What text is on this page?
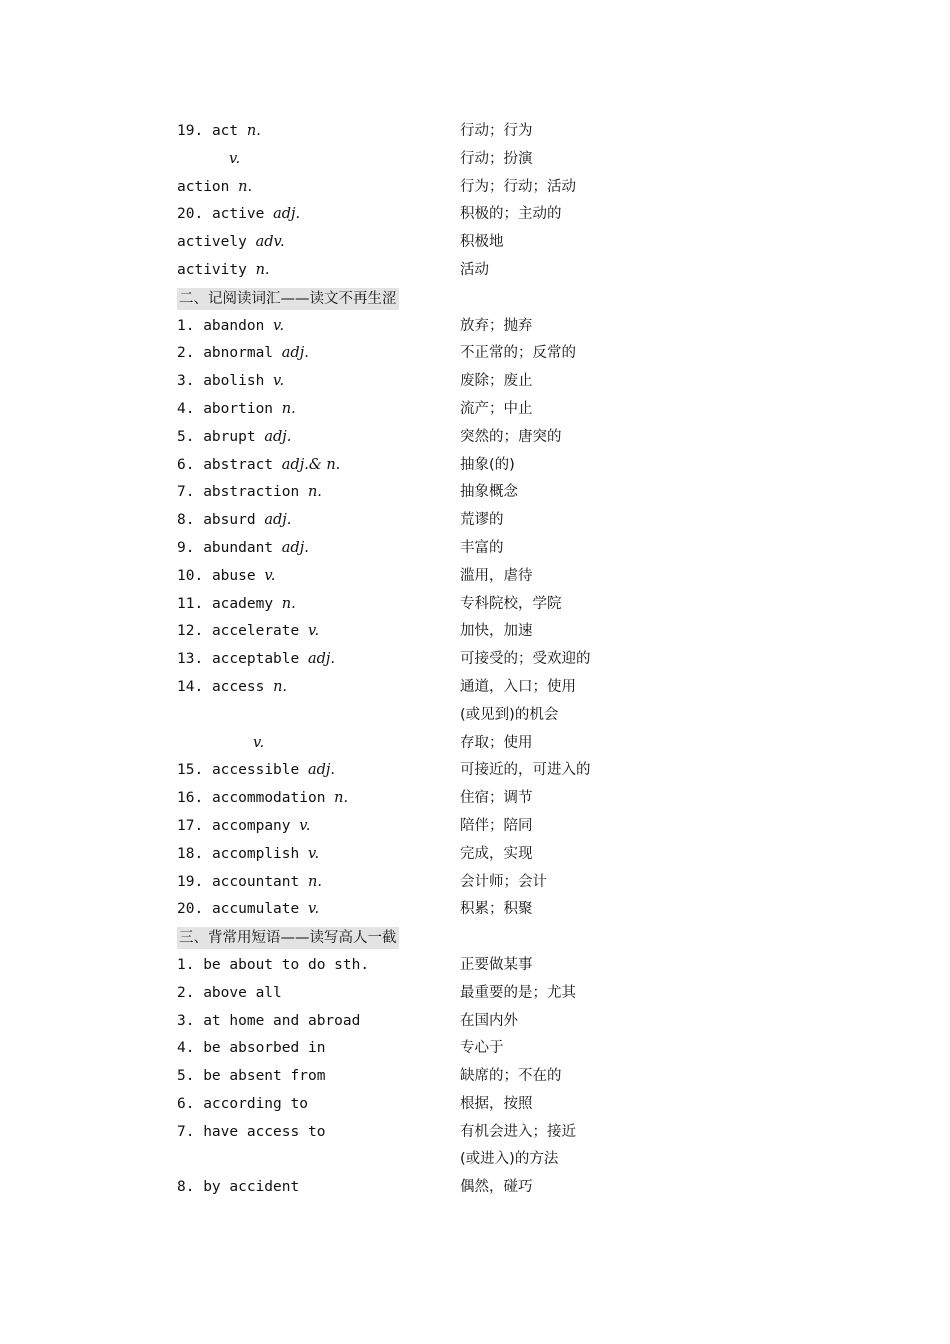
19. act n.	行动；行为
v.	行动；扮演
action n.	行为；行动；活动
20. active adj.	积极的；主动的
actively adv.	积极地
activity n.	活动
二、记阅读词汇——读文不再生涩
1. abandon v.	放弃；抛弃
2. abnormal adj.	不正常的；反常的
3. abolish v.	废除；废止
4. abortion n.	流产；中止
5. abrupt adj.	突然的；唐突的
6. abstract adj.& n.	抽象(的)
7. abstraction n.	抽象概念
8. absurd adj.	荒谬的
9. abundant adj.	丰富的
10. abuse v.	滥用，虐待
11. academy n.	专科院校，学院
12. accelerate v.	加快，加速
13. acceptable adj.	可接受的；受欢迎的
14. access n.	通道，入口；使用
(或见到)的机会
v.	存取；使用
15. accessible adj.	可接近的，可进入的
16. accommodation n.	住宿；调节
17. accompany v.	陪伴；陪同
18. accomplish v.	完成，实现
19. accountant n.	会计师；会计
20. accumulate v.	积累；积聚
三、背常用短语——读写高人一截
1. be about to do sth.	正要做某事
2. above all	最重要的是；尤其
3. at home and abroad	在国内外
4. be absorbed in	专心于
5. be absent from	缺席的；不在的
6. according to	根据，按照
7. have access to	有机会进入；接近
(或进入)的方法
8. by accident	偶然，碰巧
